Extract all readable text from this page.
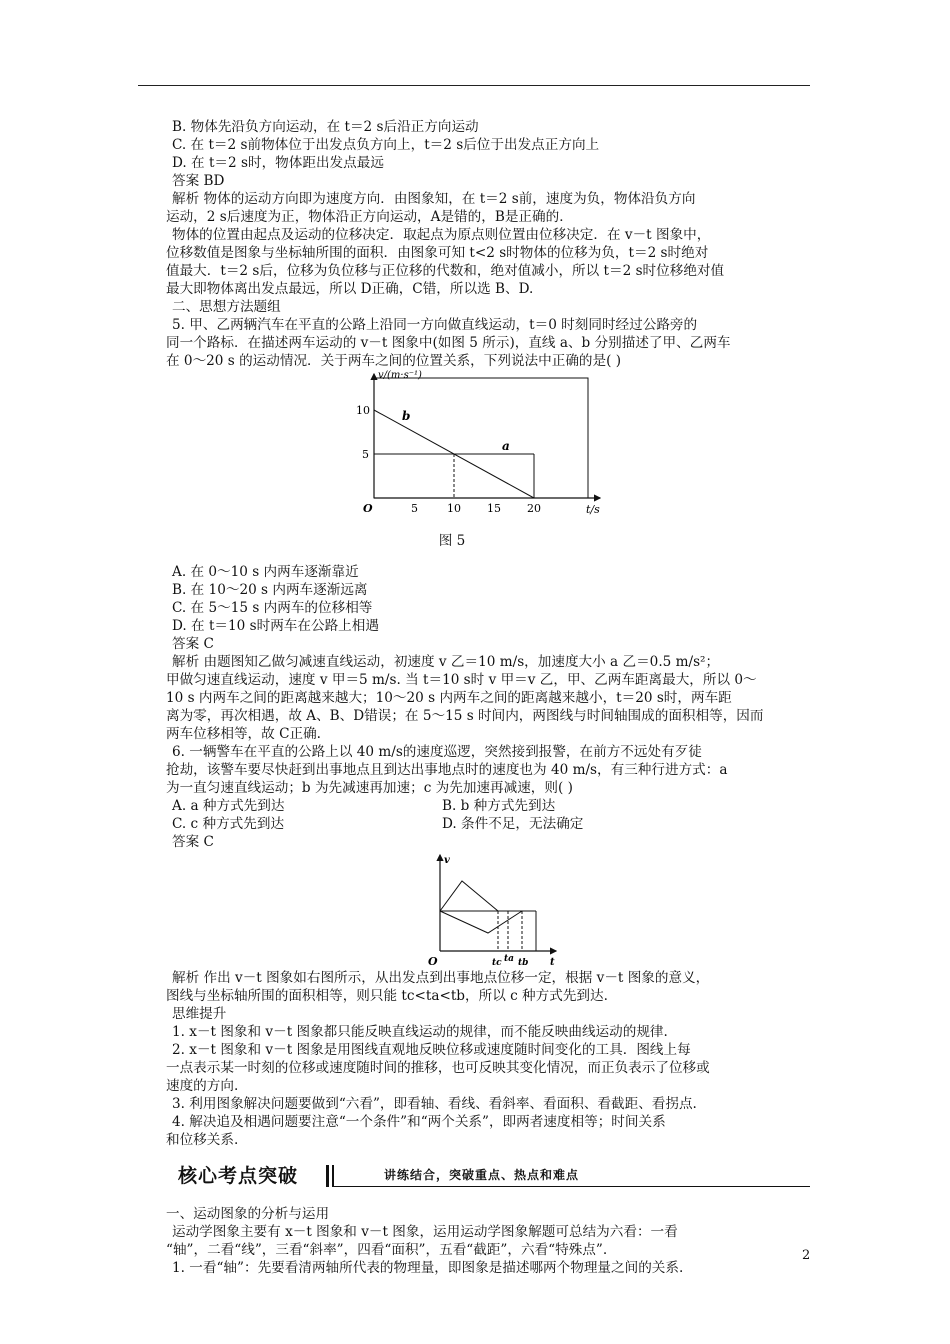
B. 物体先沿负方向运动，在 t＝2 s后沿正方向运动

C. 在 t＝2 s前物体位于出发点负方向上，t＝2 s后位于出发点正方向上

D. 在 t＝2 s时，物体距出发点最远

答案 BD

解析 物体的运动方向即为速度方向．由图象知，在 t＝2 s前，速度为负，物体沿负方向

运动，2 s后速度为正，物体沿正方向运动，A是错的，B是正确的．

物体的位置由起点及运动的位移决定．取起点为原点则位置由位移决定．在 v－t 图象中，

位移数值是图象与坐标轴所围的面积．由图象可知 t<2 s时物体的位移为负，t＝2 s时绝对

值最大．t＝2 s后，位移为负位移与正位移的代数和，绝对值减小，所以 t＝2 s时位移绝对值

最大即物体离出发点最远，所以 D正确，C错，所以选 B、D.

二、思想方法题组

5. 甲、乙两辆汽车在平直的公路上沿同一方向做直线运动，t＝0 时刻同时经过公路旁的

同一个路标．在描述两车运动的 v－t 图象中(如图 5 所示)，直线 a、b 分别描述了甲、乙两车

在 0～20 s 的运动情况．关于两车之间的位置关系，下列说法中正确的是( )

v/(m·s⁻¹)
t/s
O
10
5
5	10 15 20
a
b

图 5

A. 在 0～10 s 内两车逐渐靠近

B. 在 10～20 s 内两车逐渐远离

C. 在 5～15 s 内两车的位移相等

D. 在 t＝10 s时两车在公路上相遇

答案 C

解析 由题图知乙做匀减速直线运动，初速度 v 乙＝10 m/s，加速度大小 a 乙＝0.5 m/s²；

甲做匀速直线运动，速度 v 甲＝5 m/s. 当 t＝10 s时 v 甲＝v 乙，甲、乙两车距离最大，所以 0～

10 s 内两车之间的距离越来越大；10～20 s 内两车之间的距离越来越小，t＝20 s时，两车距

离为零，再次相遇，故 A、B、D错误；在 5～15 s 时间内，两图线与时间轴围成的面积相等，因而

两车位移相等，故 C正确.

6. 一辆警车在平直的公路上以 40 m/s的速度巡逻，突然接到报警，在前方不远处有歹徒

抢劫，该警车要尽快赶到出事地点且到达出事地点时的速度也为 40 m/s，有三种行进方式：a

为一直匀速直线运动；b 为先减速再加速；c 为先加速再减速，则( )

A. a 种方式先到达	B. b 种方式先到达
C. c 种方式先到达	D. 条件不足，无法确定

答案 C

v
t
O	tc ta tb

解析 作出 v－t 图象如右图所示，从出发点到出事地点位移一定，根据 v－t 图象的意义，

图线与坐标轴所围的面积相等，则只能 tc<ta<tb，所以 c 种方式先到达.

思维提升

1. x－t 图象和 v－t 图象都只能反映直线运动的规律，而不能反映曲线运动的规律.

2. x－t 图象和 v－t 图象是用图线直观地反映位移或速度随时间变化的工具．图线上每

一点表示某一时刻的位移或速度随时间的推移，也可反映其变化情况，而正负表示了位移或

速度的方向.

3. 利用图象解决问题要做到“六看”，即看轴、看线、看斜率、看面积、看截距、看拐点.

4. 解决追及相遇问题要注意“一个条件”和“两个关系”，即两者速度相等；时间关系

和位移关系.

核心考点突破	讲练结合，突破重点、热点和难点

一、运动图象的分析与运用

运动学图象主要有 x－t 图象和 v－t 图象，运用运动学图象解题可总结为六看：一看

“轴”，二看“线”，三看“斜率”，四看“面积”，五看“截距”，六看“特殊点”.

1. 一看“轴”：先要看清两轴所代表的物理量，即图象是描述哪两个物理量之间的关系.

2
